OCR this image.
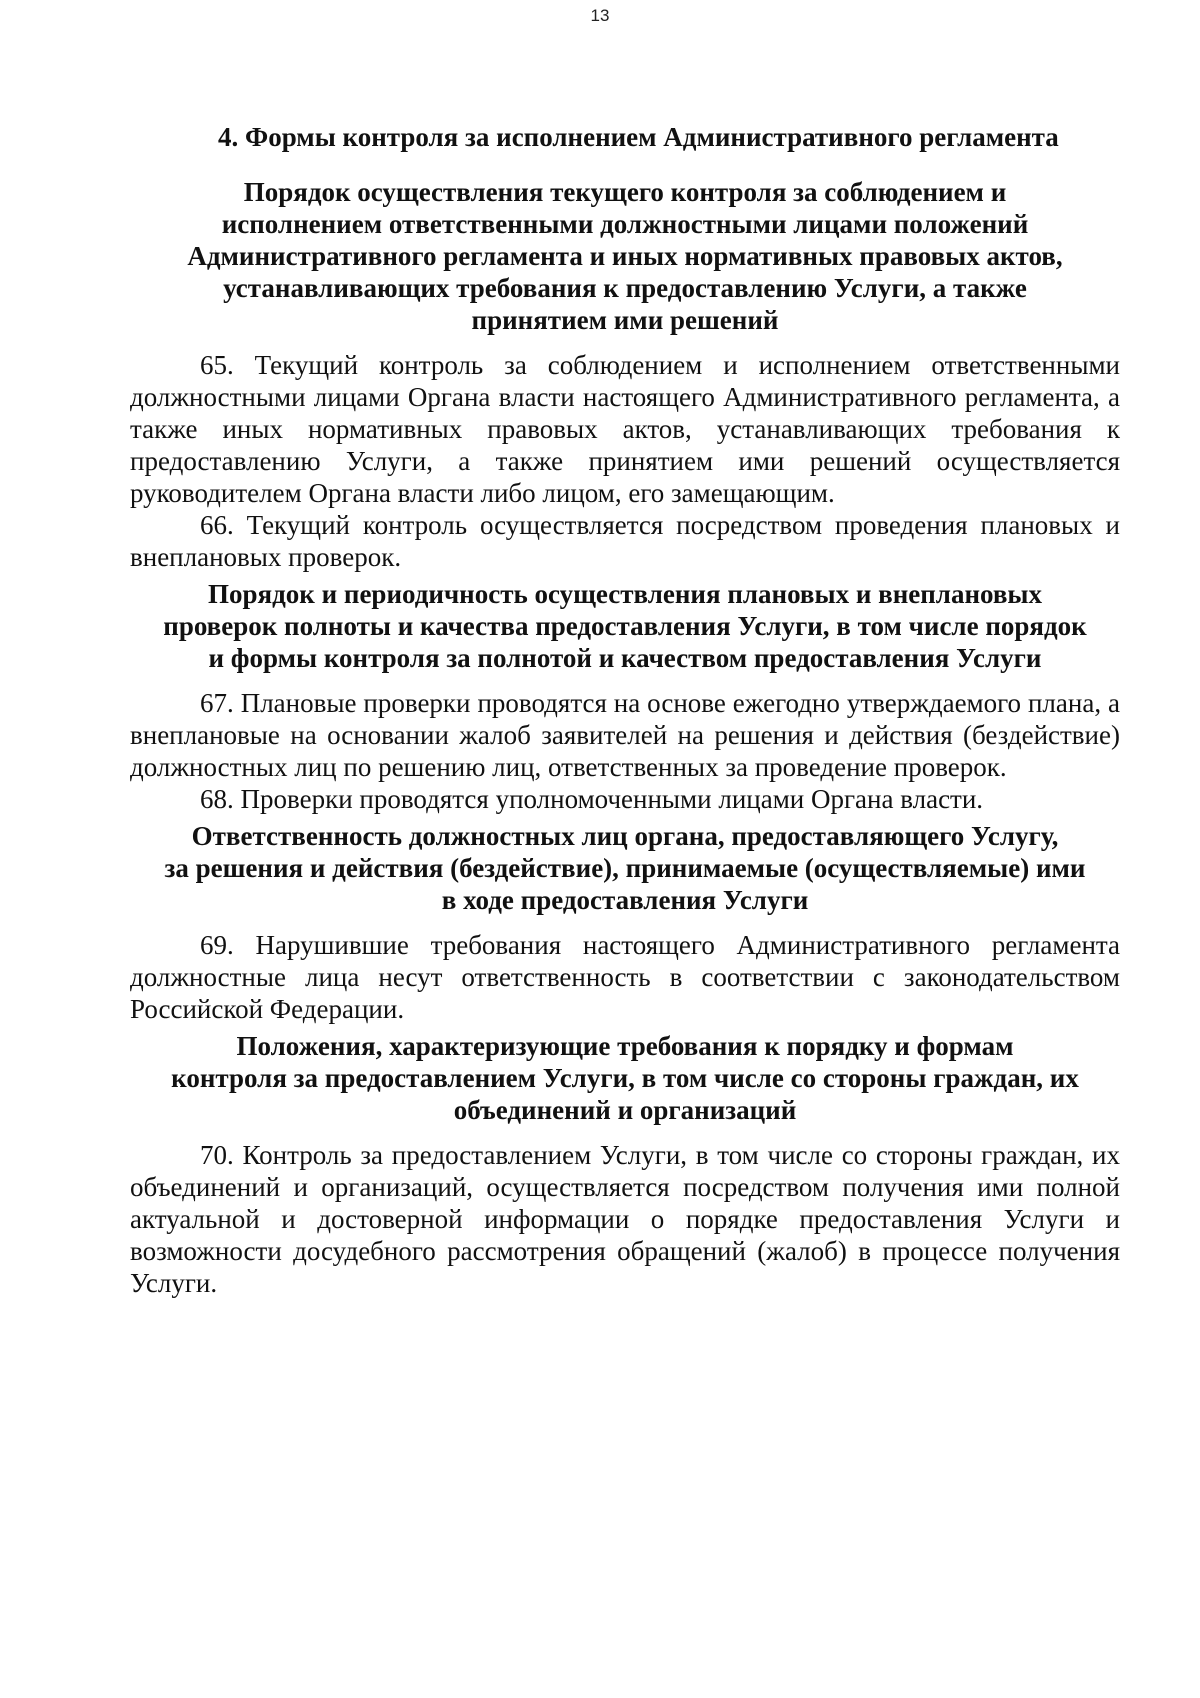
13
4. Формы контроля за исполнением Административного регламента
Порядок осуществления текущего контроля за соблюдением и
исполнением ответственными должностными лицами положений
Административного регламента и иных нормативных правовых актов,
устанавливающих требования к предоставлению Услуги, а также
принятием ими решений

65. Текущий контроль за соблюдением и исполнением ответственными должностными лицами Органа власти настоящего Административного регламента, а также иных нормативных правовых актов, устанавливающих требования к предоставлению Услуги, а также принятием ими решений осуществляется руководителем Органа власти либо лицом, его замещающим.

66. Текущий контроль осуществляется посредством проведения плановых и внеплановых проверок.

Порядок и периодичность осуществления плановых и внеплановых
проверок полноты и качества предоставления Услуги, в том числе порядок
и формы контроля за полнотой и качеством предоставления Услуги

67. Плановые проверки проводятся на основе ежегодно утверждаемого плана, а внеплановые на основании жалоб заявителей на решения и действия (бездействие) должностных лиц по решению лиц, ответственных за проведение проверок.

68. Проверки проводятся уполномоченными лицами Органа власти.

Ответственность должностных лиц органа, предоставляющего Услугу,
за решения и действия (бездействие), принимаемые (осуществляемые) ими
в ходе предоставления Услуги

69. Нарушившие требования настоящего Административного регламента должностные лица несут ответственность в соответствии с законодательством Российской Федерации.

Положения, характеризующие требования к порядку и формам
контроля за предоставлением Услуги, в том числе со стороны граждан, их
объединений и организаций

70. Контроль за предоставлением Услуги, в том числе со стороны граждан, их объединений и организаций, осуществляется посредством получения ими полной актуальной и достоверной информации о порядке предоставления Услуги и возможности досудебного рассмотрения обращений (жалоб) в процессе получения Услуги.
